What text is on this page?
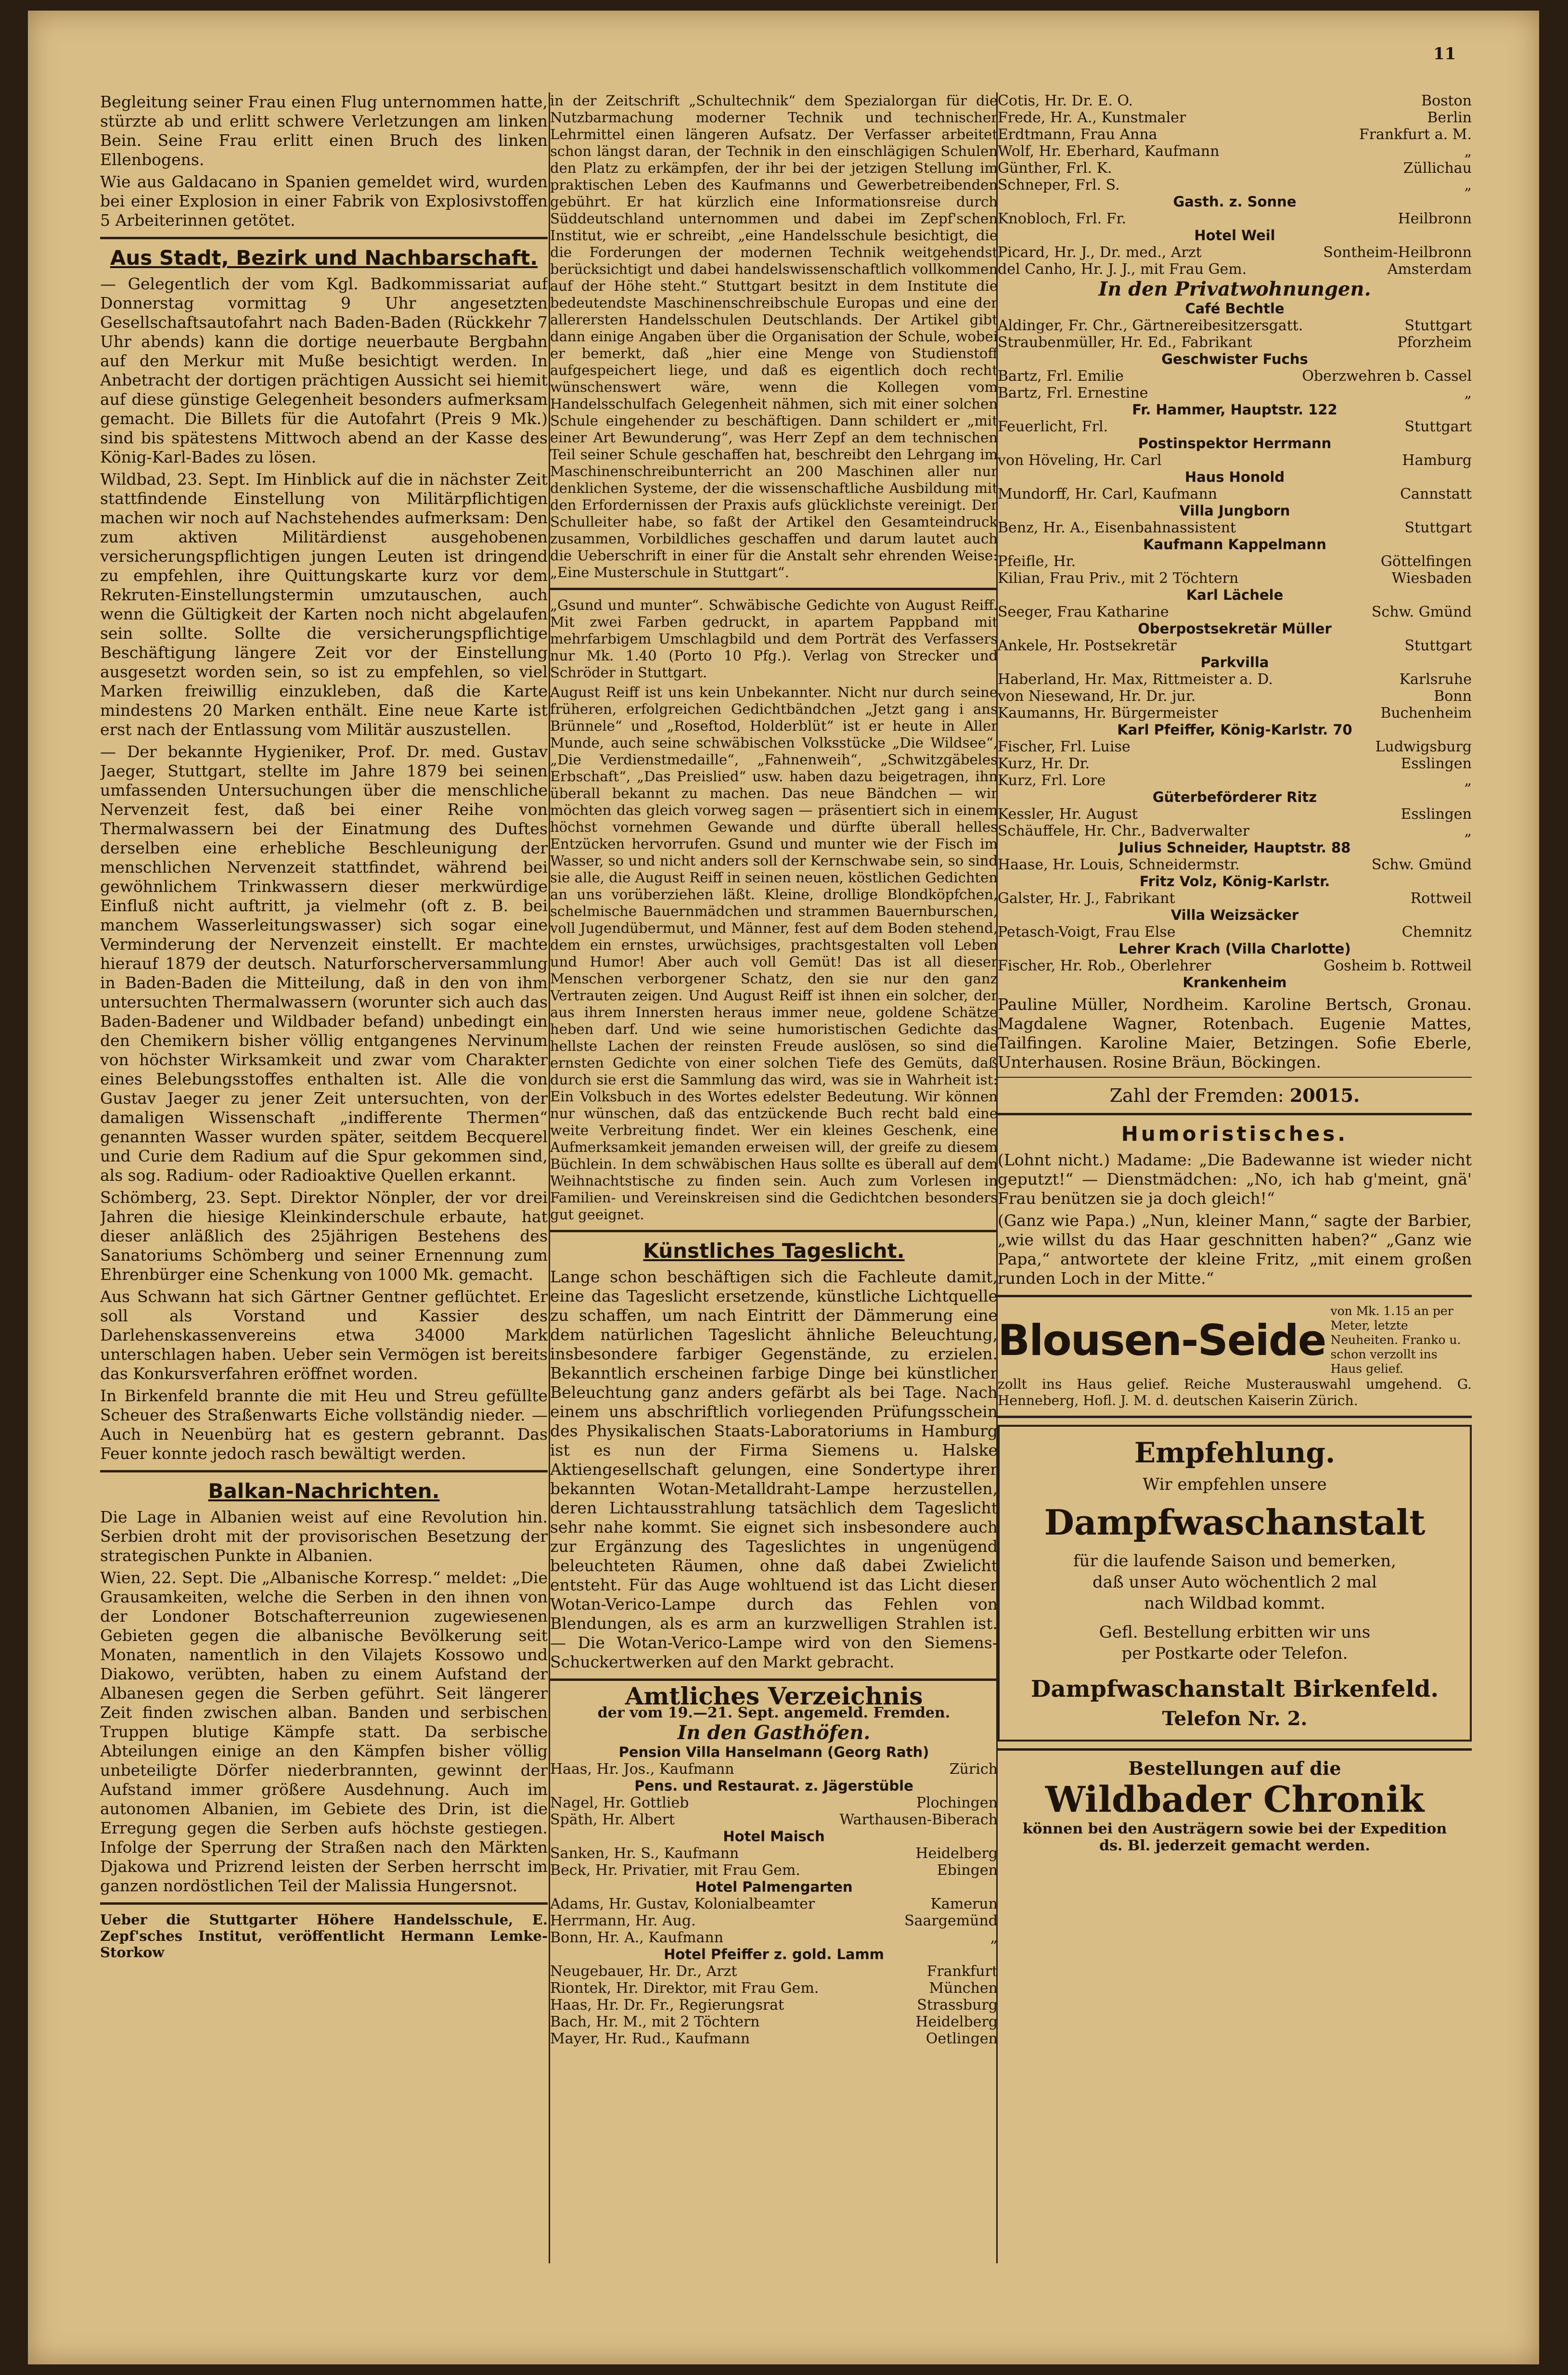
11

Begleitung seiner Frau einen Flug unternommen hatte, stürzte ab und erlitt schwere Verletzungen am linken Bein. Seine Frau erlitt einen Bruch des linken Ellenbogens.

Wie aus Galdacano in Spanien gemeldet wird, wurden bei einer Explosion in einer Fabrik von Explosivstoffen 5 Arbeiterinnen getötet.

Aus Stadt, Bezirk und Nachbarschaft.

— Gelegentlich der vom Kgl. Badkommissariat auf Donnerstag vormittag 9 Uhr angesetzten Gesellschaftsautofahrt nach Baden-Baden (Rückkehr 7 Uhr abends) kann die dortige neuerbaute Bergbahn auf den Merkur mit Muße besichtigt werden. In Anbetracht der dortigen prächtigen Aussicht sei hiemit auf diese günstige Gelegenheit besonders aufmerksam gemacht. Die Billets für die Autofahrt (Preis 9 Mk.) sind bis spätestens Mittwoch abend an der Kasse des König-Karl-Bades zu lösen.

Wildbad, 23. Sept. Im Hinblick auf die in nächster Zeit stattfindende Einstellung von Militärpflichtigen machen wir noch auf Nachstehendes aufmerksam: Den zum aktiven Militärdienst ausgehobenen versicherungspflichtigen jungen Leuten ist dringend zu empfehlen, ihre Quittungskarte kurz vor dem Rekruten-Einstellungstermin umzutauschen, auch wenn die Gültigkeit der Karten noch nicht abgelaufen sein sollte. Sollte die versicherungspflichtige Beschäftigung längere Zeit vor der Einstellung ausgesetzt worden sein, so ist zu empfehlen, so viel Marken freiwillig einzukleben, daß die Karte mindestens 20 Marken enthält. Eine neue Karte ist erst nach der Entlassung vom Militär auszustellen.

— Der bekannte Hygieniker, Prof. Dr. med. Gustav Jaeger, Stuttgart, stellte im Jahre 1879 bei seinen umfassenden Untersuchungen über die menschliche Nervenzeit fest, daß bei einer Reihe von Thermalwassern bei der Einatmung des Duftes derselben eine erhebliche Beschleunigung der menschlichen Nervenzeit stattfindet, während bei gewöhnlichem Trinkwassern dieser merkwürdige Einfluß nicht auftritt, ja vielmehr (oft z. B. bei manchem Wasserleitungswasser) sich sogar eine Verminderung der Nervenzeit einstellt. Er machte hierauf 1879 der deutsch. Naturforscherversammlung in Baden-Baden die Mitteilung, daß in den von ihm untersuchten Thermalwassern (worunter sich auch das Baden-Badener und Wildbader befand) unbedingt ein den Chemikern bisher völlig entgangenes Nervinum von höchster Wirksamkeit und zwar vom Charakter eines Belebungsstoffes enthalten ist. Alle die von Gustav Jaeger zu jener Zeit untersuchten, von der damaligen Wissenschaft „indifferente Thermen“ genannten Wasser wurden später, seitdem Becquerel und Curie dem Radium auf die Spur gekommen sind, als sog. Radium- oder Radioaktive Quellen erkannt.

Schömberg, 23. Sept. Direktor Nönpler, der vor drei Jahren die hiesige Kleinkinderschule erbaute, hat dieser anläßlich des 25jährigen Bestehens des Sanatoriums Schömberg und seiner Ernennung zum Ehrenbürger eine Schenkung von 1000 Mk. gemacht.

Aus Schwann hat sich Gärtner Gentner geflüchtet. Er soll als Vorstand und Kassier des Darlehenskassenvereins etwa 34000 Mark unterschlagen haben. Ueber sein Vermögen ist bereits das Konkursverfahren eröffnet worden.

In Birkenfeld brannte die mit Heu und Streu gefüllte Scheuer des Straßenwarts Eiche vollständig nieder. — Auch in Neuenbürg hat es gestern gebrannt. Das Feuer konnte jedoch rasch bewältigt werden.

Balkan-Nachrichten.

Die Lage in Albanien weist auf eine Revolution hin. Serbien droht mit der provisorischen Besetzung der strategischen Punkte in Albanien.

Wien, 22. Sept. Die „Albanische Korresp.“ meldet: „Die Grausamkeiten, welche die Serben in den ihnen von der Londoner Botschafterreunion zugewiesenen Gebieten gegen die albanische Bevölkerung seit Monaten, namentlich in den Vilajets Kossowo und Diakowo, verübten, haben zu einem Aufstand der Albanesen gegen die Serben geführt. Seit längerer Zeit finden zwischen alban. Banden und serbischen Truppen blutige Kämpfe statt. Da serbische Abteilungen einige an den Kämpfen bisher völlig unbeteiligte Dörfer niederbrannten, gewinnt der Aufstand immer größere Ausdehnung. Auch im autonomen Albanien, im Gebiete des Drin, ist die Erregung gegen die Serben aufs höchste gestiegen. Infolge der Sperrung der Straßen nach den Märkten Djakowa und Prizrend leisten der Serben herrscht im ganzen nordöstlichen Teil der Malissia Hungersnot.

Ueber die Stuttgarter Höhere Handelsschule, E. Zepf'sches Institut, veröffentlicht Hermann Lemke-Storkow

in der Zeitschrift „Schultechnik“ dem Spezialorgan für die Nutzbarmachung moderner Technik und technischer Lehrmittel einen längeren Aufsatz. Der Verfasser arbeitet schon längst daran, der Technik in den einschlägigen Schulen den Platz zu erkämpfen, der ihr bei der jetzigen Stellung im praktischen Leben des Kaufmanns und Gewerbetreibenden gebührt. Er hat kürzlich eine Informationsreise durch Süddeutschland unternommen und dabei im Zepf'schen Institut, wie er schreibt, „eine Handelsschule besichtigt, die die Forderungen der modernen Technik weitgehendst berücksichtigt und dabei handelswissenschaftlich vollkommen auf der Höhe steht.“ Stuttgart besitzt in dem Institute die bedeutendste Maschinenschreibschule Europas und eine der allerersten Handelsschulen Deutschlands. Der Artikel gibt dann einige Angaben über die Organisation der Schule, wobei er bemerkt, daß „hier eine Menge von Studienstoff aufgespeichert liege, und daß es eigentlich doch recht wünschenswert wäre, wenn die Kollegen vom Handelsschulfach Gelegenheit nähmen, sich mit einer solchen Schule eingehender zu beschäftigen. Dann schildert er „mit einer Art Bewunderung“, was Herr Zepf an dem technischen Teil seiner Schule geschaffen hat, beschreibt den Lehrgang im Maschinenschreibunterricht an 200 Maschinen aller nur denklichen Systeme, der die wissenschaftliche Ausbildung mit den Erfordernissen der Praxis aufs glücklichste vereinigt. Der Schulleiter habe, so faßt der Artikel den Gesamteindruck zusammen, Vorbildliches geschaffen und darum lautet auch die Ueberschrift in einer für die Anstalt sehr ehrenden Weise: „Eine Musterschule in Stuttgart“.

„Gsund und munter“. Schwäbische Gedichte von August Reiff. Mit zwei Farben gedruckt, in apartem Pappband mit mehrfarbigem Umschlagbild und dem Porträt des Verfassers nur Mk. 1.40 (Porto 10 Pfg.). Verlag von Strecker und Schröder in Stuttgart.

August Reiff ist uns kein Unbekannter. Nicht nur durch seine früheren, erfolgreichen Gedichtbändchen „Jetzt gang i ans Brünnele“ und „Roseftod, Holderblüt“ ist er heute in Aller Munde, auch seine schwäbischen Volksstücke „Die Wildsee“, „Die Verdienstmedaille“, „Fahnenweih“, „Schwitzgäbeles Erbschaft“, „Das Preislied“ usw. haben dazu beigetragen, ihn überall bekannt zu machen. Das neue Bändchen — wir möchten das gleich vorweg sagen — präsentiert sich in einem höchst vornehmen Gewande und dürfte überall helles Entzücken hervorrufen. Gsund und munter wie der Fisch im Wasser, so und nicht anders soll der Kernschwabe sein, so sind sie alle, die August Reiff in seinen neuen, köstlichen Gedichten an uns vorüberziehen läßt. Kleine, drollige Blondköpfchen, schelmische Bauernmädchen und strammen Bauernburschen, voll Jugendübermut, und Männer, fest auf dem Boden stehend, dem ein ernstes, urwüchsiges, prachtsgestalten voll Leben und Humor! Aber auch voll Gemüt! Das ist all dieser Menschen verborgener Schatz, den sie nur den ganz Vertrauten zeigen. Und August Reiff ist ihnen ein solcher, der aus ihrem Innersten heraus immer neue, goldene Schätze heben darf. Und wie seine humoristischen Gedichte das hellste Lachen der reinsten Freude auslösen, so sind die ernsten Gedichte von einer solchen Tiefe des Gemüts, daß durch sie erst die Sammlung das wird, was sie in Wahrheit ist: Ein Volksbuch in des Wortes edelster Bedeutung. Wir können nur wünschen, daß das entzückende Buch recht bald eine weite Verbreitung findet. Wer ein kleines Geschenk, eine Aufmerksamkeit jemanden erweisen will, der greife zu diesem Büchlein. In dem schwäbischen Haus sollte es überall auf dem Weihnachtstische zu finden sein. Auch zum Vorlesen in Familien- und Vereinskreisen sind die Gedichtchen besonders gut geeignet.

Künstliches Tageslicht.

Lange schon beschäftigen sich die Fachleute damit, eine das Tageslicht ersetzende, künstliche Lichtquelle zu schaffen, um nach Eintritt der Dämmerung eine dem natürlichen Tageslicht ähnliche Beleuchtung, insbesondere farbiger Gegenstände, zu erzielen. Bekanntlich erscheinen farbige Dinge bei künstlicher Beleuchtung ganz anders gefärbt als bei Tage. Nach einem uns abschriftlich vorliegenden Prüfungsschein des Physikalischen Staats-Laboratoriums in Hamburg ist es nun der Firma Siemens u. Halske Aktiengesellschaft gelungen, eine Sondertype ihrer bekannten Wotan-Metalldraht-Lampe herzustellen, deren Lichtausstrahlung tatsächlich dem Tageslicht sehr nahe kommt. Sie eignet sich insbesondere auch zur Ergänzung des Tageslichtes in ungenügend beleuchteten Räumen, ohne daß dabei Zwielicht entsteht. Für das Auge wohltuend ist das Licht dieser Wotan-Verico-Lampe durch das Fehlen von Blendungen, als es arm an kurzwelligen Strahlen ist. — Die Wotan-Verico-Lampe wird von den Siemens-Schuckertwerken auf den Markt gebracht.

Amtliches Verzeichnis
der vom 19.—21. Sept. angemeld. Fremden.
In den Gasthöfen.
Pension Villa Hanselmann (Georg Rath)
Haas, Hr. Jos., Kaufmann	Zürich
Pens. und Restaurat. z. Jägerstüble
Nagel, Hr. Gottlieb	Plochingen
Späth, Hr. Albert	Warthausen-Biberach
Hotel Maisch
Sanken, Hr. S., Kaufmann	Heidelberg
Beck, Hr. Privatier, mit Frau Gem.	Ebingen
Hotel Palmengarten
Adams, Hr. Gustav, Kolonialbeamter	Kamerun
Herrmann, Hr. Aug.	Saargemünd
Bonn, Hr. A., Kaufmann	„
Hotel Pfeiffer z. gold. Lamm
Neugebauer, Hr. Dr., Arzt	Frankfurt
Riontek, Hr. Direktor, mit Frau Gem.	München
Haas, Hr. Dr. Fr., Regierungsrat	Strassburg
Bach, Hr. M., mit 2 Töchtern	Heidelberg
Mayer, Hr. Rud., Kaufmann	Oetlingen
Cotis, Hr. Dr. E. O.	Boston
Frede, Hr. A., Kunstmaler	Berlin
Erdtmann, Frau Anna	Frankfurt a. M.
Wolf, Hr. Eberhard, Kaufmann	„
Günther, Frl. K.	Züllichau
Schneper, Frl. S.	„
Gasth. z. Sonne
Knobloch, Frl. Fr.	Heilbronn
Hotel Weil
Picard, Hr. J., Dr. med., Arzt	Sontheim-Heilbronn
del Canho, Hr. J. J., mit Frau Gem.	Amsterdam
In den Privatwohnungen.
Café Bechtle
Aldinger, Fr. Chr., Gärtnereibesitzersgatt.	Stuttgart
Straubenmüller, Hr. Ed., Fabrikant	Pforzheim
Geschwister Fuchs
Bartz, Frl. Emilie	Oberzwehren b. Cassel
Bartz, Frl. Ernestine	„
Fr. Hammer, Hauptstr. 122
Feuerlicht, Frl.	Stuttgart
Postinspektor Herrmann
von Höveling, Hr. Carl	Hamburg
Haus Honold
Mundorff, Hr. Carl, Kaufmann	Cannstatt
Villa Jungborn
Benz, Hr. A., Eisenbahnassistent	Stuttgart
Kaufmann Kappelmann
Pfeifle, Hr.	Göttelfingen
Kilian, Frau Priv., mit 2 Töchtern	Wiesbaden
Karl Lächele
Seeger, Frau Katharine	Schw. Gmünd
Oberpostsekretär Müller
Ankele, Hr. Postsekretär	Stuttgart
Parkvilla
Haberland, Hr. Max, Rittmeister a. D.	Karlsruhe
von Niesewand, Hr. Dr. jur.	Bonn
Kaumanns, Hr. Bürgermeister	Buchenheim
Karl Pfeiffer, König-Karlstr. 70
Fischer, Frl. Luise	Ludwigsburg
Kurz, Hr. Dr.	Esslingen
Kurz, Frl. Lore	„
Güterbeförderer Ritz
Kessler, Hr. August	Esslingen
Schäuffele, Hr. Chr., Badverwalter	„
Julius Schneider, Hauptstr. 88
Haase, Hr. Louis, Schneidermstr.	Schw. Gmünd
Fritz Volz, König-Karlstr.
Galster, Hr. J., Fabrikant	Rottweil
Villa Weizsäcker
Petasch-Voigt, Frau Else	Chemnitz
Lehrer Krach (Villa Charlotte)
Fischer, Hr. Rob., Oberlehrer	Gosheim b. Rottweil
Krankenheim

Pauline Müller, Nordheim. Karoline Bertsch, Gronau. Magdalene Wagner, Rotenbach. Eugenie Mattes, Tailfingen. Karoline Maier, Betzingen. Sofie Eberle, Unterhausen. Rosine Bräun, Böckingen.

Zahl der Fremden: 20015.
Humoristisches.

(Lohnt nicht.) Madame: „Die Badewanne ist wieder nicht geputzt!“ — Dienstmädchen: „No, ich hab g'meint, gnä' Frau benützen sie ja doch gleich!“

(Ganz wie Papa.) „Nun, kleiner Mann,“ sagte der Barbier, „wie willst du das Haar geschnitten haben?“ „Ganz wie Papa,“ antwortete der kleine Fritz, „mit einem großen runden Loch in der Mitte.“

Blousen-Seide
von Mk. 1.15 an per Meter, letzte Neuheiten. Franko u. schon verzollt ins Haus gelief.

zollt ins Haus gelief. Reiche Musterauswahl umgehend. G. Henneberg, Hofl. J. M. d. deutschen Kaiserin Zürich.

Empfehlung.
Wir empfehlen unsere
Dampfwaschanstalt
für die laufende Saison und bemerken,
daß unser Auto wöchentlich 2 mal
nach Wildbad kommt.
Gefl. Bestellung erbitten wir uns
per Postkarte oder Telefon.
Dampfwaschanstalt Birkenfeld.
Telefon Nr. 2.
Bestellungen auf die
Wildbader Chronik
können bei den Austrägern sowie bei der Expedition
ds. Bl. jederzeit gemacht werden.
